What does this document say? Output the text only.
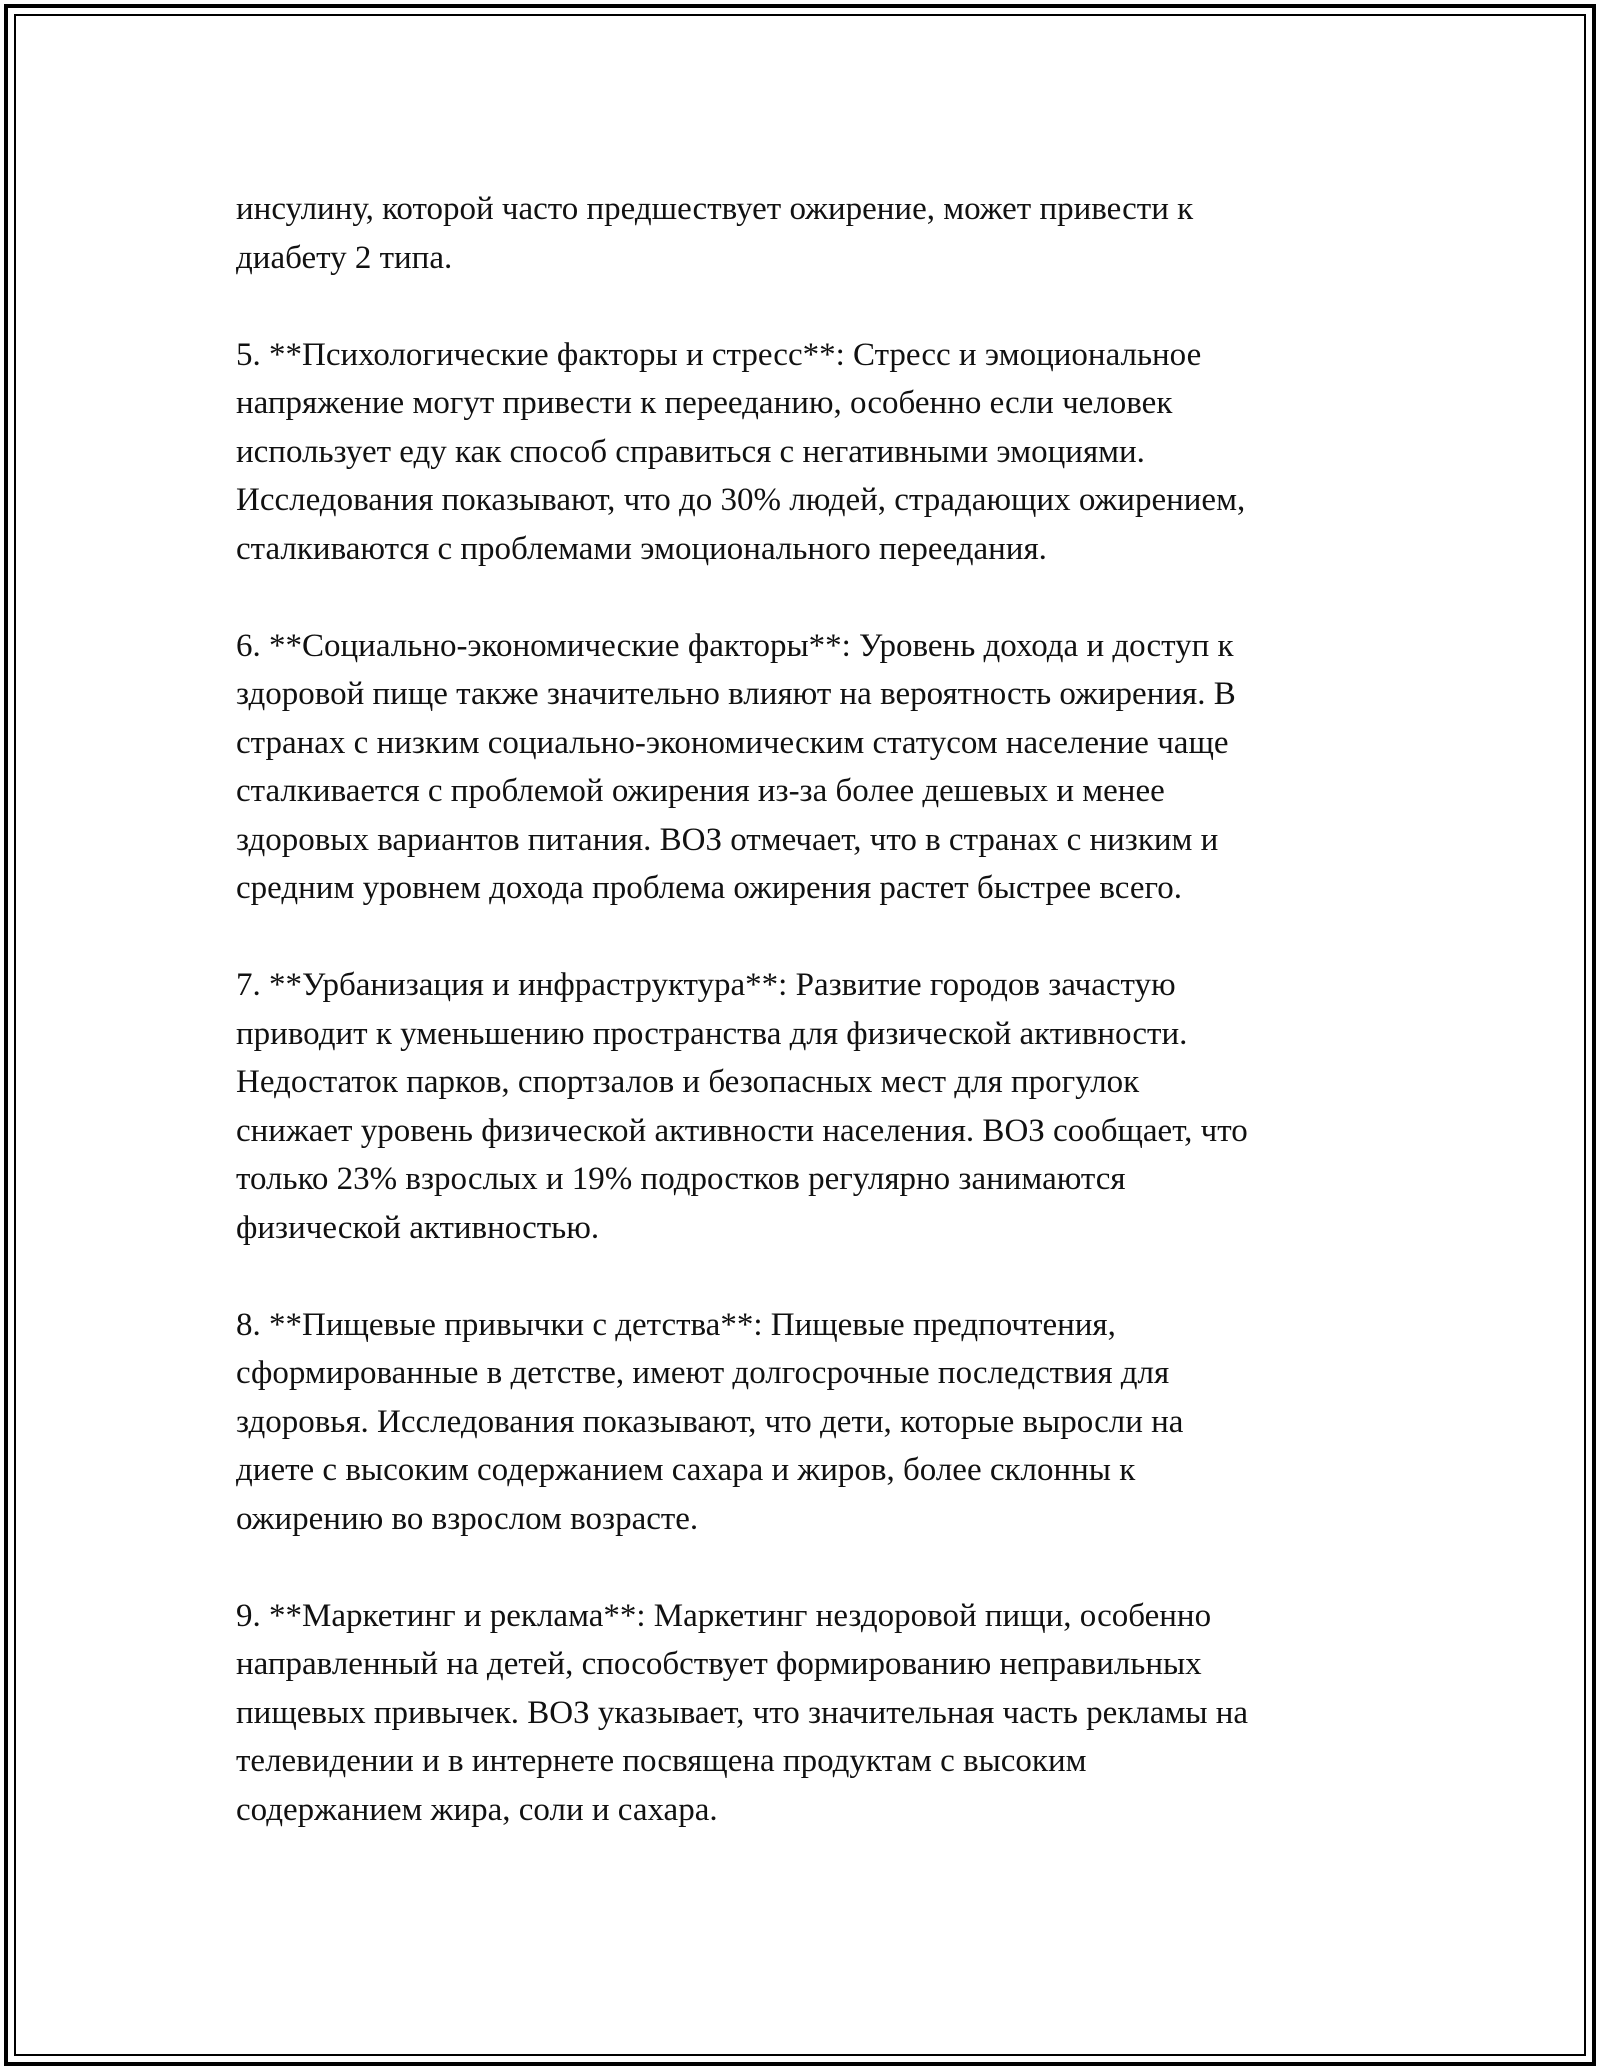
инсулину, которой часто предшествует ожирение, может привести к
диабету 2 типа.

5. **Психологические факторы и стресс**: Стресс и эмоциональное
напряжение могут привести к перееданию, особенно если человек
использует еду как способ справиться с негативными эмоциями.
Исследования показывают, что до 30% людей, страдающих ожирением,
сталкиваются с проблемами эмоционального переедания.

6. **Социально-экономические факторы**: Уровень дохода и доступ к
здоровой пище также значительно влияют на вероятность ожирения. В
странах с низким социально-экономическим статусом население чаще
сталкивается с проблемой ожирения из-за более дешевых и менее
здоровых вариантов питания. ВОЗ отмечает, что в странах с низким и
средним уровнем дохода проблема ожирения растет быстрее всего.

7. **Урбанизация и инфраструктура**: Развитие городов зачастую
приводит к уменьшению пространства для физической активности.
Недостаток парков, спортзалов и безопасных мест для прогулок
снижает уровень физической активности населения. ВОЗ сообщает, что
только 23% взрослых и 19% подростков регулярно занимаются
физической активностью.

8. **Пищевые привычки с детства**: Пищевые предпочтения,
сформированные в детстве, имеют долгосрочные последствия для
здоровья. Исследования показывают, что дети, которые выросли на
диете с высоким содержанием сахара и жиров, более склонны к
ожирению во взрослом возрасте.

9. **Маркетинг и реклама**: Маркетинг нездоровой пищи, особенно
направленный на детей, способствует формированию неправильных
пищевых привычек. ВОЗ указывает, что значительная часть рекламы на
телевидении и в интернете посвящена продуктам с высоким
содержанием жира, соли и сахара.
